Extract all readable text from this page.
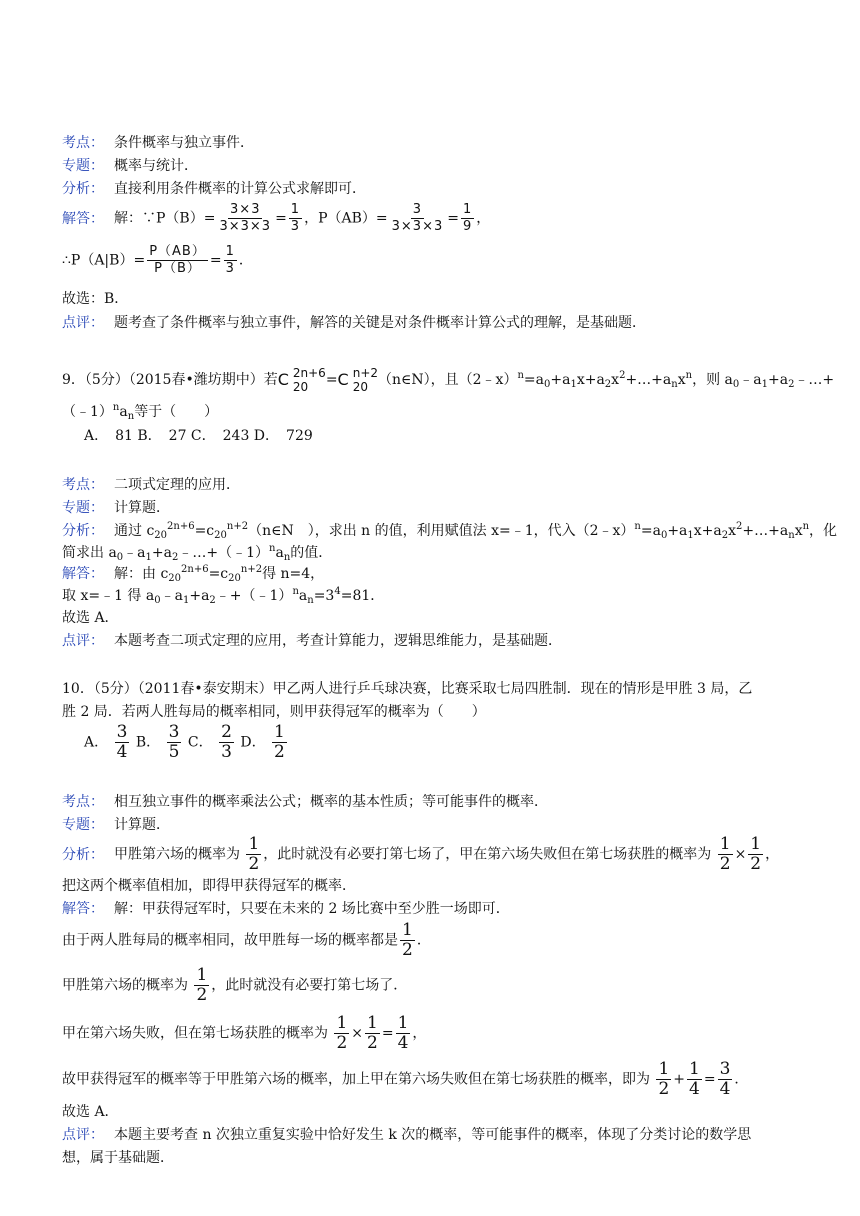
考点： 条件概率与独立事件．
专题： 概率与统计．
分析： 直接利用条件概率的计算公式求解即可．
解答： 解：∵P（B）= $\frac{3\times 3}{3\times 3\times 3} = \frac{1}{3}$ ，$P(AB)= \frac{3}{3\times 3\times 3} = \frac{1}{9}$ ，
∴P（A|B）= $\frac{P(AB)}{P(B)} = \frac{1}{3}$ ．
故选：B．
点评： 题考查了条件概率与独立事件，解答的关键是对条件概率计算公式的理解，是基础题．
9．（5分）（2015春•潍坊期中）若 C 2n+6
20	= C n+2
20 （n∈N），且$(2﹣x)^n=a_0+a_1x+a_2x^2+\dots+a_nx^n$，则 $a_0﹣a_1+a_2﹣\dots+$
$(﹣1)^na_n$等于（　　）
A．　81 B．　27 C．　243 D．　729
考点： 二项式定理的应用．
专题： 计算题．
分析： 通过 $c_{20}^{2n+6}=c_{20}^{n+2}(n\in N$　），求出 n 的值，利用赋值法 x=﹣1，代入$(2﹣x)^n=a_0+a_1x+a_2x^2+\dots+a_nx^n$，化
简求出 $a_0﹣a_1+a_2﹣\dots+(﹣1)^na_n$的值．
解答： 解：由 $c_{20}^{2n+6}=c_{20}^{n+2}$得 n=4，
取 x=﹣1 得 $a_0﹣a_1+a_2﹣+(﹣1)^na_n=3^4=81$．
故选 A．
点评： 本题考查二项式定理的应用，考查计算能力，逻辑思维能力，是基础题．
10．（5分）（2011春•泰安期末）甲乙两人进行乒乓球决赛，比赛采取七局四胜制．现在的情形是甲胜 3 局，乙
胜 2 局．若两人胜每局的概率相同，则甲获得冠军的概率为（　　）
A． $\frac{3}{4}$ B． $\frac{3}{5}$ C． $\frac{2}{3}$ D． $\frac{1}{2}$
考点： 相互独立事件的概率乘法公式；概率的基本性质；等可能事件的概率．
专题： 计算题．
分析： 甲胜第六场的概率为 $\frac{1}{2}$ ，此时就没有必要打第七场了，甲在第六场失败但在第七场获胜的概率为 $\frac{1}{2} \times \frac{1}{2}$ ，
把这两个概率值相加，即得甲获得冠军的概率．
解答： 解：甲获得冠军时，只要在未来的 2 场比赛中至少胜一场即可．
由于两人胜每局的概率相同，故甲胜每一场的概率都是 $\frac{1}{2}$ ．
甲胜第六场的概率为 $\frac{1}{2}$ ，此时就没有必要打第七场了．
甲在第六场失败，但在第七场获胜的概率为 $\frac{1}{2} \times \frac{1}{2} = \frac{1}{4}$ ，
故甲获得冠军的概率等于甲胜第六场的概率，加上甲在第六场失败但在第七场获胜的概率，即为 $\frac{1}{2} + \frac{1}{4} = \frac{3}{4}$ ．
故选 A．
点评： 本题主要考查 n 次独立重复实验中恰好发生 k 次的概率，等可能事件的概率，体现了分类讨论的数学思
想，属于基础题．
